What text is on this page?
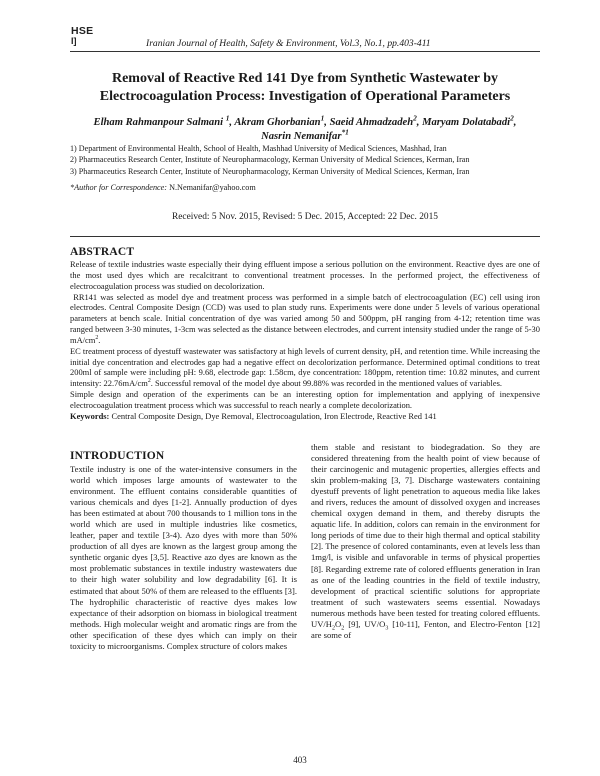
HSE
I]	Iranian Journal of Health, Safety & Environment, Vol.3, No.1, pp.403-411
Removal of Reactive Red 141 Dye from Synthetic Wastewater by
Electrocoagulation Process: Investigation of Operational Parameters
Elham Rahmanpour Salmani $^1$, Akram Ghorbanian$^1$, Saeid Ahmadzadeh$^2$, Maryam Dolatabadi$^2$,
Nasrin Nemanifar$^{*1}$
1) Department of Environmental Health, School of Health, Mashhad University of Medical Sciences, Mashhad, Iran
2) Pharmaceutics Research Center, Institute of Neuropharmacology, Kerman University of Medical Sciences, Kerman, Iran
3) Pharmaceutics Research Center, Institute of Neuropharmacology, Kerman University of Medical Sciences, Kerman, Iran
*Author for Correspondence: N.Nemanifar@yahoo.com
Received: 5 Nov. 2015, Revised: 5 Dec. 2015, Accepted: 22 Dec. 2015
ABSTRACT

Release of textile industries waste especially their dying effluent impose a serious pollution on the environment. Reactive dyes are one of the most used dyes which are recalcitrant to conventional treatment processes. In the performed project, the effectiveness of electrocoagulation process was studied on decolorization.

RR141 was selected as model dye and treatment process was performed in a simple batch of electrocoagulation (EC) cell using iron electrodes. Central Composite Design (CCD) was used to plan study runs. Experiments were done under 5 levels of various operational parameters at bench scale. Initial concentration of dye was varied among 50 and 500ppm, pH ranging from 4-12; retention time was ranged between 3-30 minutes, 1-3cm was selected as the distance between electrodes, and current intensity studied under the range of 5-30 $mA/cm^2$.

EC treatment process of dyestuff wastewater was satisfactory at high levels of current density, pH, and retention time. While increasing the initial dye concentration and electrodes gap had a negative effect on decolorization performance. Determined optimal conditions to treat 200ml of sample were including pH: 9.68, electrode gap: 1.58cm, dye concentration: 180ppm, retention time: 10.82 minutes, and current intensity: $22.76mA/cm^2$. Successful removal of the model dye about 99.88% was recorded in the mentioned values of variables.

Simple design and operation of the experiments can be an interesting option for implementation and applying of inexpensive electrocoagulation treatment process which was successful to reach nearly a complete decolorization.

Keywords: Central Composite Design, Dye Removal, Electrocoagulation, Iron Electrode, Reactive Red 141

INTRODUCTION

Textile industry is one of the water-intensive consumers in the world which imposes large amounts of wastewater to the environment. The effluent contains considerable quantities of various chemicals and dyes [1-2]. Annually production of dyes has been estimated at about 700 thousands to 1 million tons in the world which are used in multiple industries like cosmetics, leather, paper and textile [3-4). Azo dyes with more than 50% production of all dyes are known as the largest group among the synthetic organic dyes [3,5]. Reactive azo dyes are known as the most problematic substances in textile industry wastewaters due to their high water solubility and low degradability [6]. It is estimated that about 50% of them are released to the effluents [3]. The hydrophilic characteristic of reactive dyes makes low expectance of their adsorption on biomass in biological treatment methods. High molecular weight and aromatic rings are from the other specification of these dyes which can imply on their toxicity to microorganisms. Complex structure of colors makes

them stable and resistant to biodegradation. So they are considered threatening from the health point of view because of their carcinogenic and mutagenic properties, allergies effects and skin problem-making [3, 7]. Discharge wastewaters containing dyestuff prevents of light penetration to aqueous media like lakes and rivers, reduces the amount of dissolved oxygen and increases chemical oxygen demand in them, and thereby disrupts the aquatic life. In addition, colors can remain in the environment for long periods of time due to their high thermal and optical stability [2]. The presence of colored contaminants, even at levels less than 1mg/l, is visible and unfavorable in terms of physical properties [8]. Regarding extreme rate of colored effluents generation in Iran as one of the leading countries in the field of textile industry, development of practical scientific solutions for appropriate treatment of such wastewaters seems essential. Nowadays numerous methods have been tested for treating colored effluents. $UV/H_2O_2$ [9], $UV/O_3$ [10-11], Fenton, and Electro-Fenton [12] are some of

403
